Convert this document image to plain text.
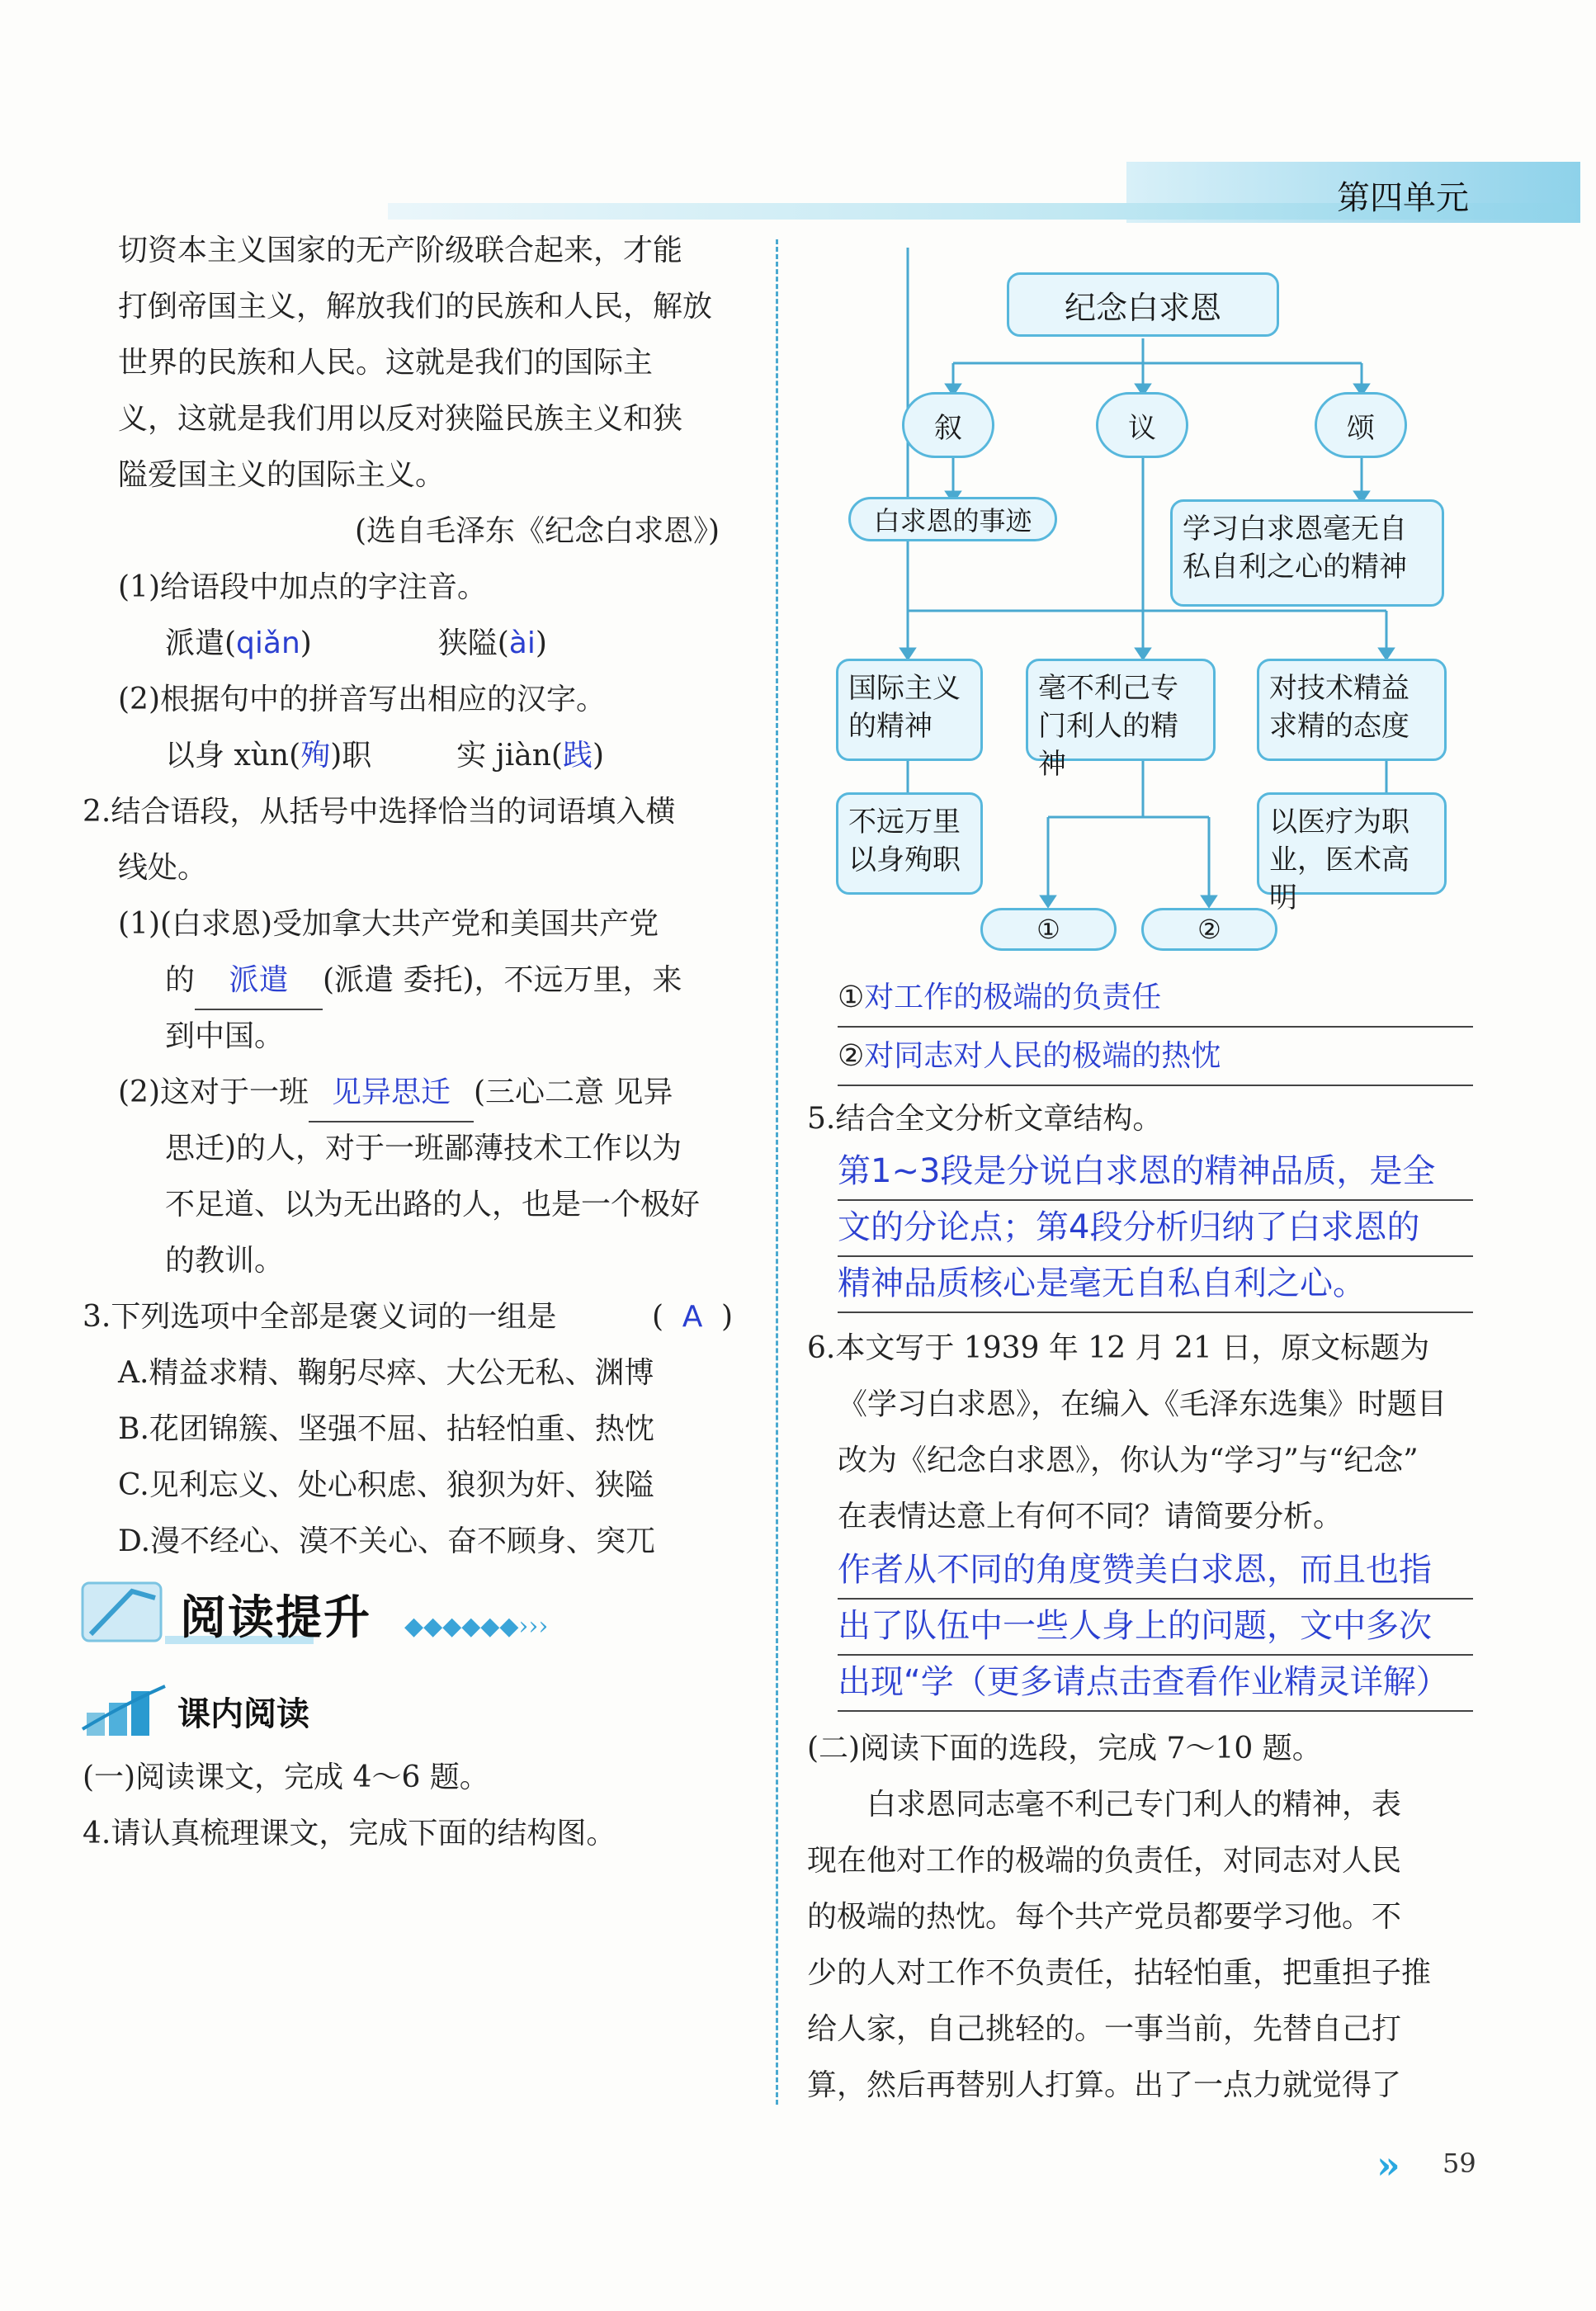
第四单元
切资本主义国家的无产阶级联合起来，才能
打倒帝国主义，解放我们的民族和人民，解放
世界的民族和人民。这就是我们的国际主
义，这就是我们用以反对狭隘民族主义和狭
隘爱国主义的国际主义。
(选自毛泽东《纪念白求恩》)
(1)给语段中加点的字注音。
派遣(qiǎn)	狭隘(ài)
(2)根据句中的拼音写出相应的汉字。
以身 xùn(殉)职	实 jiàn(践)
2.结合语段，从括号中选择恰当的词语填入横
线处。
(1)(白求恩)受加拿大共产党和美国共产党
的 派遣 (派遣 委托)，不远万里，来
到中国。
(2)这对于一班 见异思迁 (三心二意 见异
思迁)的人，对于一班鄙薄技术工作以为
不足道、以为无出路的人，也是一个极好
的教训。
3.下列选项中全部是褒义词的一组是	( A )
A.精益求精、鞠躬尽瘁、大公无私、渊博
B.花团锦簇、坚强不屈、拈轻怕重、热忱
C.见利忘义、处心积虑、狼狈为奸、狭隘
D.漫不经心、漠不关心、奋不顾身、突兀
◆◆◆◆◆◆›››
阅读提升
课内阅读
(一)阅读课文，完成 4～6 题。
4.请认真梳理课文，完成下面的结构图。
纪念白求恩
叙	议	颂
白求恩的事迹	学习白求恩毫无自私自利之心的精神
国际主义的精神
毫不利己专门利人的精神
对技术精益求精的态度
不远万里以身殉职
以医疗为职业，医术高明
①	②
①对工作的极端的负责任
②对同志对人民的极端的热忱
5.结合全文分析文章结构。
第1~3段是分说白求恩的精神品质，是全
文的分论点；第4段分析归纳了白求恩的
精神品质核心是毫无自私自利之心。
6.本文写于 1939 年 12 月 21 日，原文标题为
《学习白求恩》，在编入《毛泽东选集》时题目
改为《纪念白求恩》，你认为“学习”与“纪念”
在表情达意上有何不同？请简要分析。
作者从不同的角度赞美白求恩，而且也指
出了队伍中一些人身上的问题，文中多次
出现“学（更多请点击查看作业精灵详解）
(二)阅读下面的选段，完成 7～10 题。
白求恩同志毫不利己专门利人的精神，表
现在他对工作的极端的负责任，对同志对人民
的极端的热忱。每个共产党员都要学习他。不
少的人对工作不负责任，拈轻怕重，把重担子推
给人家，自己挑轻的。一事当前，先替自己打
算，然后再替别人打算。出了一点力就觉得了
» 59
